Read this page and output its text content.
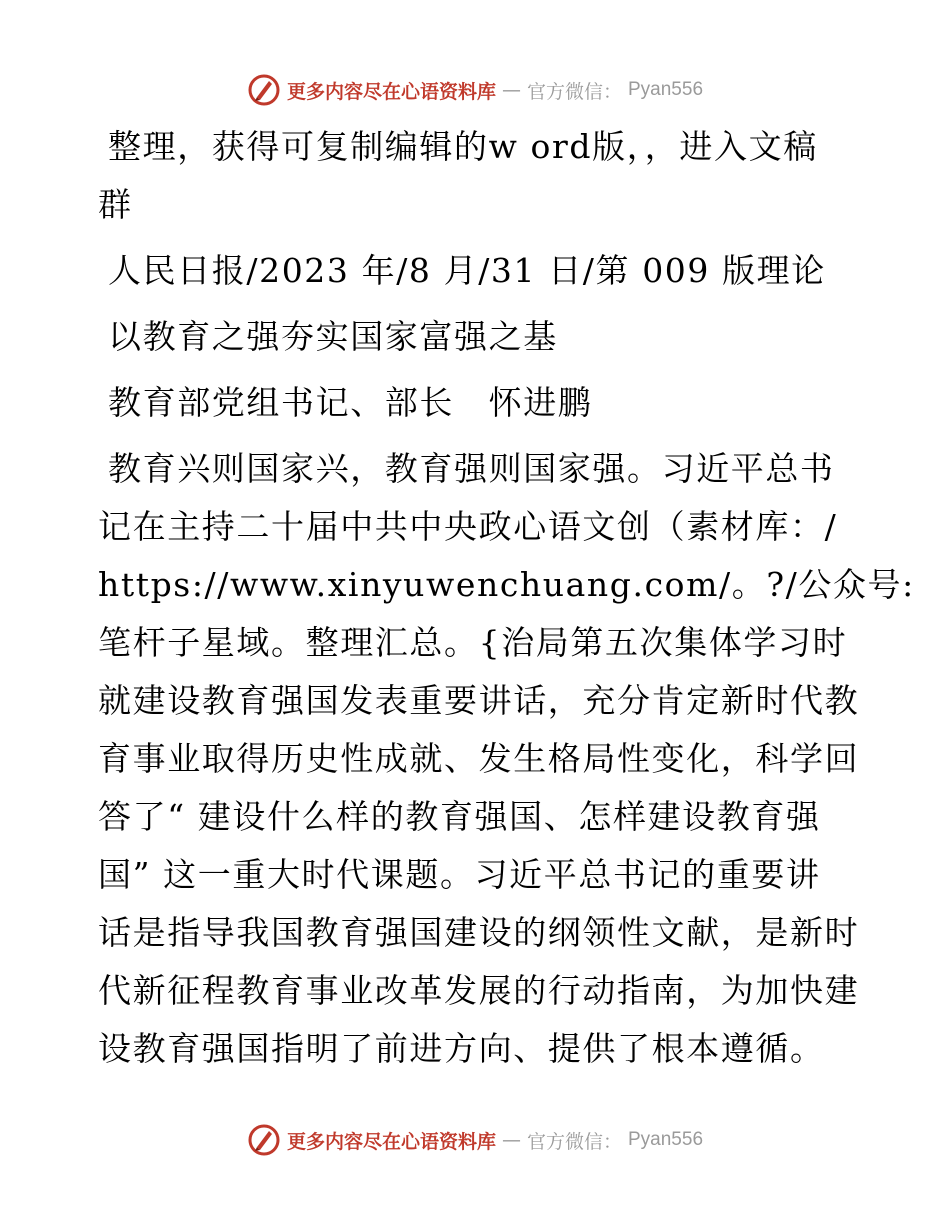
更多内容尽在心语资料库 — 官方微信： Pyan556
整理，获得可复制编辑的w ord版，，进入文稿
群
人民日报/2023 年/8 月/31 日/第 009 版理论
以教育之强夯实国家富强之基
教育部党组书记、部长　怀进鹏
教育兴则国家兴，教育强则国家强。习近平总书
记在主持二十届中共中央政心语文创（素材库：/
https://www.xinyuwenchuang.com/。?/公众号:
笔杆子星域。整理汇总。{治局第五次集体学习时
就建设教育强国发表重要讲话，充分肯定新时代教
育事业取得历史性成就、发生格局性变化，科学回
答了“ 建设什么样的教育强国、怎样建设教育强
国” 这一重大时代课题。习近平总书记的重要讲
话是指导我国教育强国建设的纲领性文献，是新时
代新征程教育事业改革发展的行动指南，为加快建
设教育强国指明了前进方向、提供了根本遵循。
更多内容尽在心语资料库 — 官方微信： Pyan556
